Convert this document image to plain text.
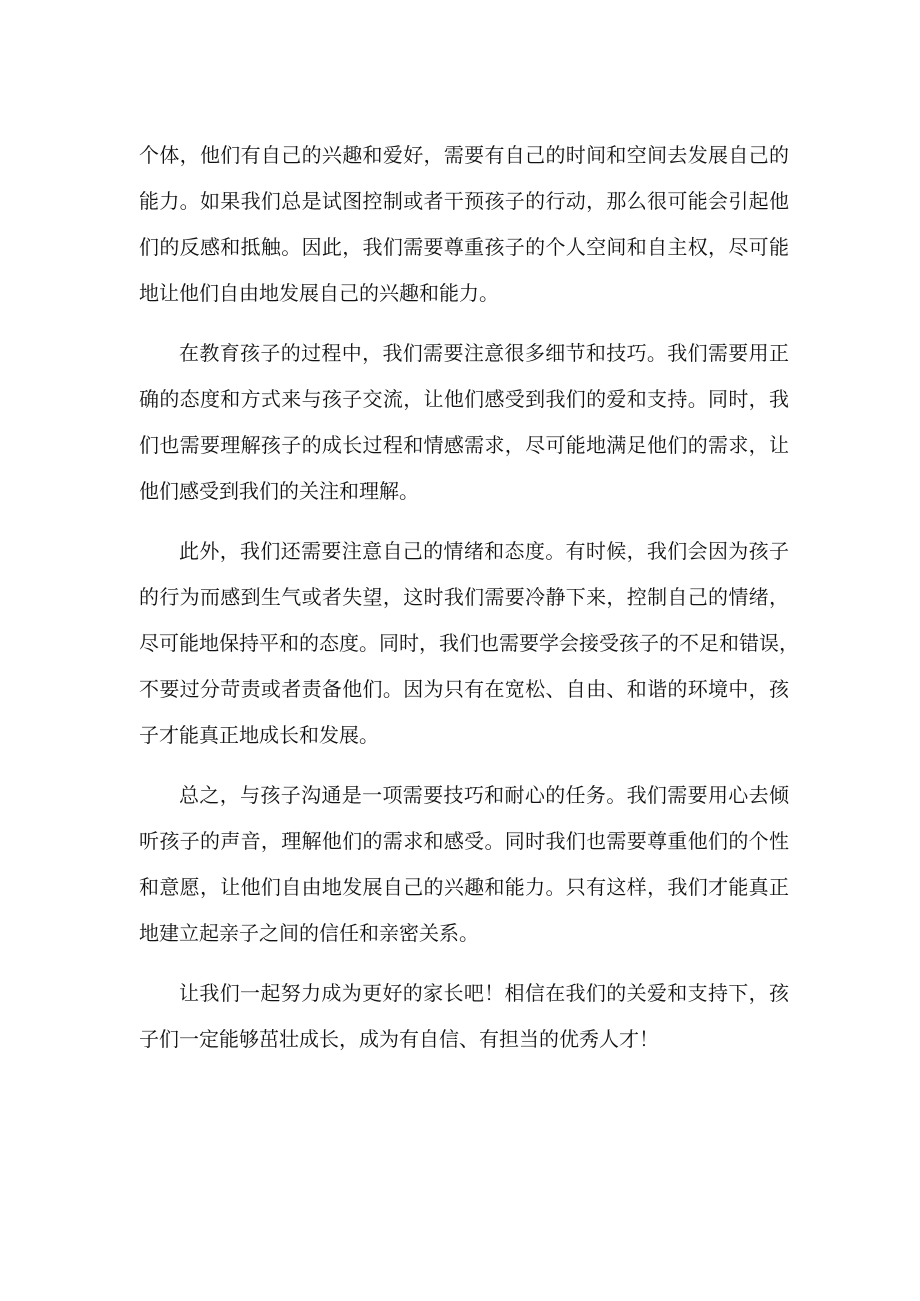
个体，他们有自己的兴趣和爱好，需要有自己的时间和空间去发展自己的
能力。如果我们总是试图控制或者干预孩子的行动，那么很可能会引起他
们的反感和抵触。因此，我们需要尊重孩子的个人空间和自主权，尽可能
地让他们自由地发展自己的兴趣和能力。

在教育孩子的过程中，我们需要注意很多细节和技巧。我们需要用正
确的态度和方式来与孩子交流，让他们感受到我们的爱和支持。同时，我
们也需要理解孩子的成长过程和情感需求，尽可能地满足他们的需求，让
他们感受到我们的关注和理解。

此外，我们还需要注意自己的情绪和态度。有时候，我们会因为孩子
的行为而感到生气或者失望，这时我们需要冷静下来，控制自己的情绪，
尽可能地保持平和的态度。同时，我们也需要学会接受孩子的不足和错误，
不要过分苛责或者责备他们。因为只有在宽松、自由、和谐的环境中，孩
子才能真正地成长和发展。

总之，与孩子沟通是一项需要技巧和耐心的任务。我们需要用心去倾
听孩子的声音，理解他们的需求和感受。同时我们也需要尊重他们的个性
和意愿，让他们自由地发展自己的兴趣和能力。只有这样，我们才能真正
地建立起亲子之间的信任和亲密关系。

让我们一起努力成为更好的家长吧！相信在我们的关爱和支持下，孩
子们一定能够茁壮成长，成为有自信、有担当的优秀人才！
